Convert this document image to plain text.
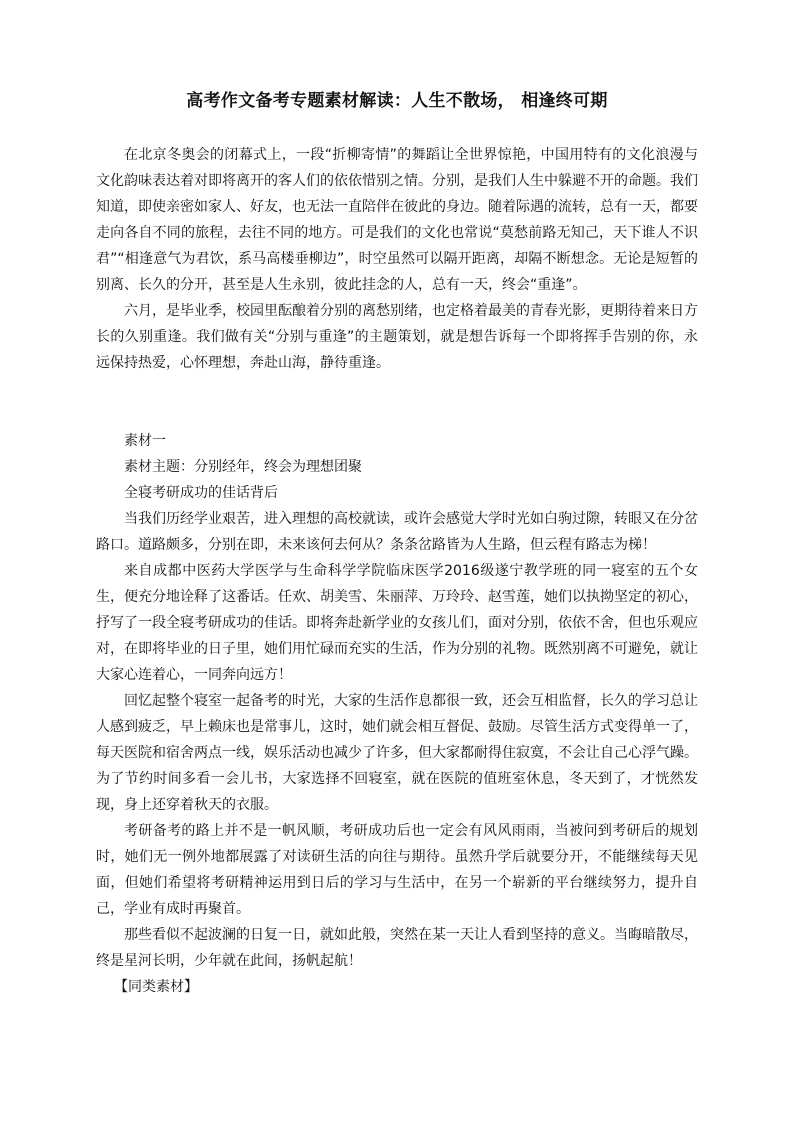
高考作文备考专题素材解读：人生不散场， 相逢终可期

在北京冬奥会的闭幕式上，一段“折柳寄情”的舞蹈让全世界惊艳，中国用特有的文化浪漫与文化韵味表达着对即将离开的客人们的依依惜别之情。分别，是我们人生中躲避不开的命题。我们知道，即使亲密如家人、好友，也无法一直陪伴在彼此的身边。随着际遇的流转，总有一天，都要走向各自不同的旅程，去往不同的地方。可是我们的文化也常说“莫愁前路无知己，天下谁人不识君”“相逢意气为君饮，系马高楼垂柳边”，时空虽然可以隔开距离，却隔不断想念。无论是短暂的别离、长久的分开，甚至是人生永别，彼此挂念的人，总有一天，终会“重逢”。

六月，是毕业季，校园里酝酿着分别的离愁别绪，也定格着最美的青春光影，更期待着来日方长的久别重逢。我们做有关“分别与重逢”的主题策划，就是想告诉每一个即将挥手告别的你，永远保持热爱，心怀理想，奔赴山海，静待重逢。

素材一

素材主题：分别经年，终会为理想团聚

全寝考研成功的佳话背后

当我们历经学业艰苦，进入理想的高校就读，或许会感觉大学时光如白驹过隙，转眼又在分岔路口。道路颇多，分别在即，未来该何去何从？条条岔路皆为人生路，但云程有路志为梯！

来自成都中医药大学医学与生命科学学院临床医学2016级遂宁教学班的同一寝室的五个女生，便充分地诠释了这番话。任欢、胡美雪、朱丽萍、万玲玲、赵雪莲，她们以执拗坚定的初心，抒写了一段全寝考研成功的佳话。即将奔赴新学业的女孩儿们，面对分别，依依不舍，但也乐观应对，在即将毕业的日子里，她们用忙碌而充实的生活，作为分别的礼物。既然别离不可避免，就让大家心连着心，一同奔向远方！

回忆起整个寝室一起备考的时光，大家的生活作息都很一致，还会互相监督，长久的学习总让人感到疲乏，早上赖床也是常事儿，这时，她们就会相互督促、鼓励。尽管生活方式变得单一了，每天医院和宿舍两点一线，娱乐活动也减少了许多，但大家都耐得住寂寞，不会让自己心浮气躁。为了节约时间多看一会儿书，大家选择不回寝室，就在医院的值班室休息，冬天到了，才恍然发现，身上还穿着秋天的衣服。

考研备考的路上并不是一帆风顺，考研成功后也一定会有风风雨雨，当被问到考研后的规划时，她们无一例外地都展露了对读研生活的向往与期待。虽然升学后就要分开，不能继续每天见面，但她们希望将考研精神运用到日后的学习与生活中，在另一个崭新的平台继续努力，提升自己，学业有成时再聚首。

那些看似不起波澜的日复一日，就如此般，突然在某一天让人看到坚持的意义。当晦暗散尽，终是星河长明，少年就在此间，扬帆起航！

【同类素材】
